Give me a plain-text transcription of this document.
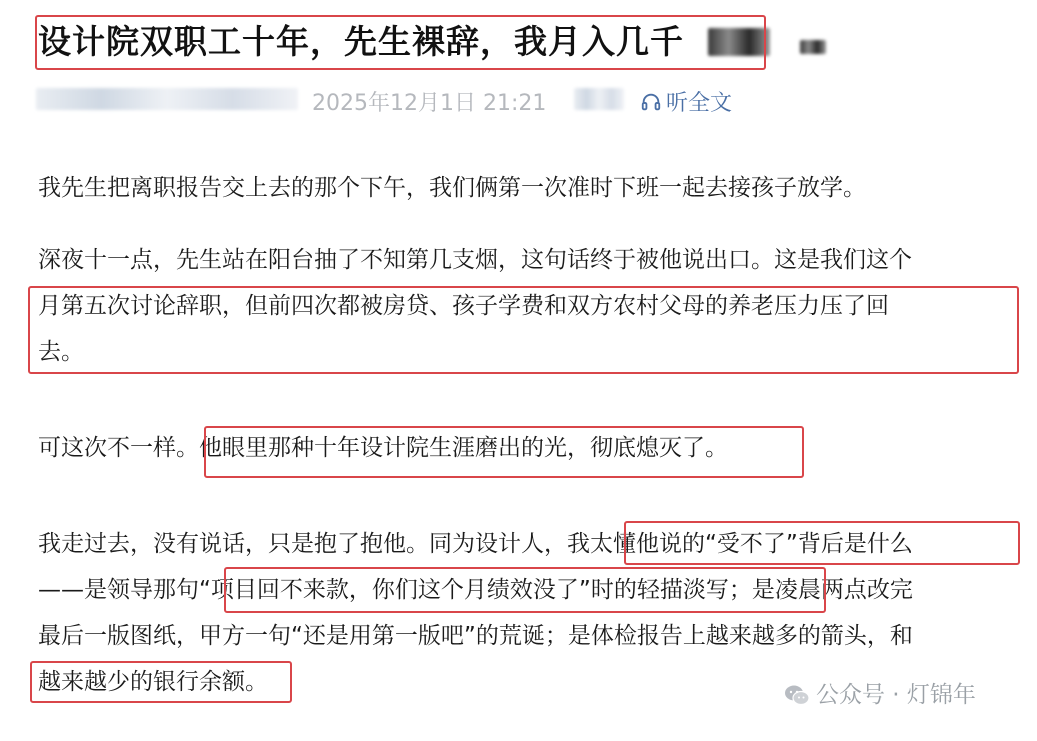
设计院双职工十年，先生裸辞，我月入几千
2025年12月1日 21:21	听全文
我先生把离职报告交上去的那个下午，我们俩第一次准时下班一起去接孩子放学。
深夜十一点，先生站在阳台抽了不知第几支烟，这句话终于被他说出口。这是我们这个
月第五次讨论辞职，但前四次都被房贷、孩子学费和双方农村父母的养老压力压了回
去。
可这次不一样。他眼里那种十年设计院生涯磨出的光，彻底熄灭了。
我走过去，没有说话，只是抱了抱他。同为设计人，我太懂他说的“受不了”背后是什么
——是领导那句“项目回不来款，你们这个月绩效没了”时的轻描淡写；是凌晨两点改完
最后一版图纸，甲方一句“还是用第一版吧”的荒诞；是体检报告上越来越多的箭头，和
越来越少的银行余额。	公众号 · 灯锦年
